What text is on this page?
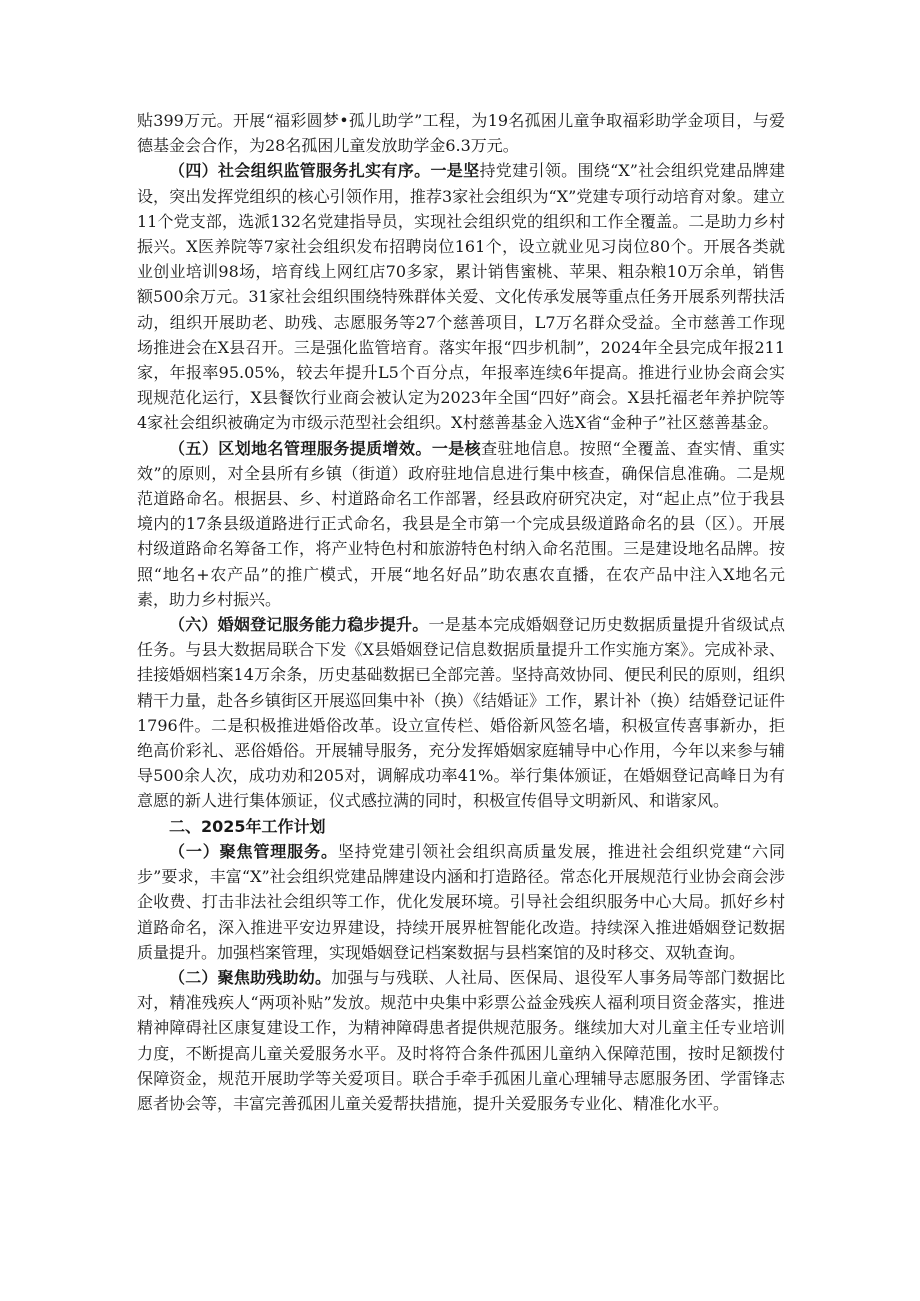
贴399万元。开展“福彩圆梦•孤儿助学”工程，为19名孤困儿童争取福彩助学金项目，与爱德基金会合作，为28名孤困儿童发放助学金6.3万元。

（四）社会组织监管服务扎实有序。一是坚持党建引领。围绕“X”社会组织党建品牌建设，突出发挥党组织的核心引领作用，推荐3家社会组织为“X”党建专项行动培育对象。建立11个党支部，选派132名党建指导员，实现社会组织党的组织和工作全覆盖。二是助力乡村振兴。X医养院等7家社会组织发布招聘岗位161个，设立就业见习岗位80个。开展各类就业创业培训98场，培育线上网红店70多家，累计销售蜜桃、苹果、粗杂粮10万余单，销售额500余万元。31家社会组织围绕特殊群体关爱、文化传承发展等重点任务开展系列帮扶活动，组织开展助老、助残、志愿服务等27个慈善项目，L7万名群众受益。全市慈善工作现场推进会在X县召开。三是强化监管培育。落实年报“四步机制”，2024年全县完成年报211家，年报率95.05%，较去年提升L5个百分点，年报率连续6年提高。推进行业协会商会实现规范化运行，X县餐饮行业商会被认定为2023年全国“四好”商会。X县托福老年养护院等4家社会组织被确定为市级示范型社会组织。X村慈善基金入选X省“金种子”社区慈善基金。

（五）区划地名管理服务提质增效。一是核查驻地信息。按照“全覆盖、查实情、重实效”的原则，对全县所有乡镇（街道）政府驻地信息进行集中核查，确保信息准确。二是规范道路命名。根据县、乡、村道路命名工作部署，经县政府研究决定，对“起止点”位于我县境内的17条县级道路进行正式命名，我县是全市第一个完成县级道路命名的县（区）。开展村级道路命名筹备工作，将产业特色村和旅游特色村纳入命名范围。三是建设地名品牌。按照“地名+农产品”的推广模式，开展“地名好品”助农惠农直播，在农产品中注入X地名元素，助力乡村振兴。

（六）婚姻登记服务能力稳步提升。一是基本完成婚姻登记历史数据质量提升省级试点任务。与县大数据局联合下发《X县婚姻登记信息数据质量提升工作实施方案》。完成补录、挂接婚姻档案14万余条，历史基础数据已全部完善。坚持高效协同、便民利民的原则，组织精干力量，赴各乡镇街区开展巡回集中补（换）《结婚证》工作，累计补（换）结婚登记证件1796件。二是积极推进婚俗改革。设立宣传栏、婚俗新风签名墙，积极宣传喜事新办，拒绝高价彩礼、恶俗婚俗。开展辅导服务，充分发挥婚姻家庭辅导中心作用，今年以来参与辅导500余人次，成功劝和205对，调解成功率41%。举行集体颁证，在婚姻登记高峰日为有意愿的新人进行集体颁证，仪式感拉满的同时，积极宣传倡导文明新风、和谐家风。

二、2025年工作计划

（一）聚焦管理服务。坚持党建引领社会组织高质量发展，推进社会组织党建“六同步”要求，丰富“X”社会组织党建品牌建设内涵和打造路径。常态化开展规范行业协会商会涉企收费、打击非法社会组织等工作，优化发展环境。引导社会组织服务中心大局。抓好乡村道路命名，深入推进平安边界建设，持续开展界桩智能化改造。持续深入推进婚姻登记数据质量提升。加强档案管理，实现婚姻登记档案数据与县档案馆的及时移交、双轨查询。

（二）聚焦助残助幼。加强与与残联、人社局、医保局、退役军人事务局等部门数据比对，精准残疾人“两项补贴”发放。规范中央集中彩票公益金残疾人福利项目资金落实，推进精神障碍社区康复建设工作，为精神障碍患者提供规范服务。继续加大对儿童主任专业培训力度，不断提高儿童关爱服务水平。及时将符合条件孤困儿童纳入保障范围，按时足额拨付保障资金，规范开展助学等关爱项目。联合手牵手孤困儿童心理辅导志愿服务团、学雷锋志愿者协会等，丰富完善孤困儿童关爱帮扶措施，提升关爱服务专业化、精准化水平。
